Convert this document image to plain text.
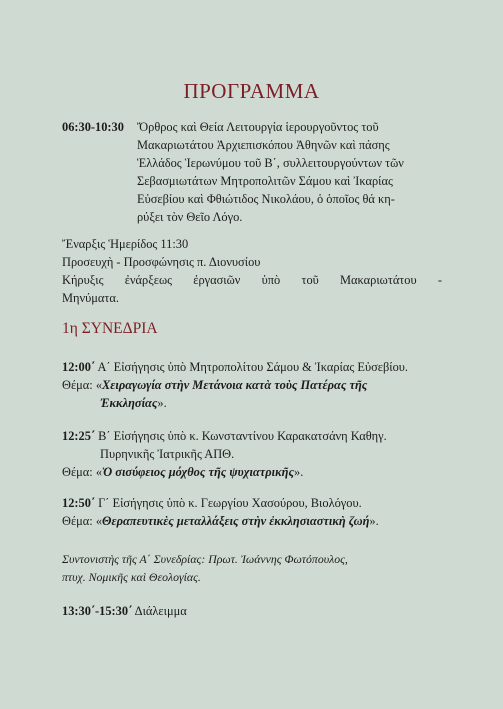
ΠΡΟΓΡΑΜΜΑ
06:30-10:30	Ὄρθρος καὶ Θεία Λειτουργία ἱερουργοῦντος τοῦ
Μακαριωτάτου Ἀρχιεπισκόπου Ἀθηνῶν καὶ πάσης
Ἑλλάδος Ἱερωνύμου τοῦ Β΄, συλλειτουργούντων τῶν
Σεβασμιωτάτων Μητροπολιτῶν Σάμου καὶ Ἰκαρίας
Εὐσεβίου καὶ Φθιώτιδος Νικολάου, ὁ ὁποῖος θά κη-
ρύξει τὸν Θεῖο Λόγο.
Ἔναρξις Ἡμερίδος 11:30
Προσευχὴ - Προσφώνησις π. Διονυσίου
Κήρυξις ἐνάρξεως ἐργασιῶν ὑπὸ τοῦ Μακαριωτάτου -
Μηνύματα.
1η ΣΥΝΕΔΡΙΑ
12:00΄ Α΄ Εἰσήγησις ὑπὸ Μητροπολίτου Σάμου & Ἰκαρίας Εὐσεβίου.
Θέμα: «Χειραγωγία στὴν Μετάνοια κατὰ τοὺς Πατέρας τῆς
Ἐκκλησίας».
12:25΄ Β΄ Εἰσήγησις ὑπὸ κ. Κωνσταντίνου Καρακατσάνη Καθηγ.
Πυρηνικῆς Ἰατρικῆς ΑΠΘ.
Θέμα: «Ὁ σισύφειος μόχθος τῆς ψυχιατρικῆς».
12:50΄ Γ΄ Εἰσήγησις ὑπὸ κ. Γεωργίου Χασούρου, Βιολόγου.
Θέμα: «Θεραπευτικὲς μεταλλάξεις στὴν ἐκκλησιαστικὴ ζωή».
Συντονιστὴς τῆς Α΄ Συνεδρίας: Πρωτ. Ἰωάννης Φωτόπουλος,
πτυχ. Νομικῆς καὶ Θεολογίας.
13:30΄-15:30΄ Διάλειμμα
